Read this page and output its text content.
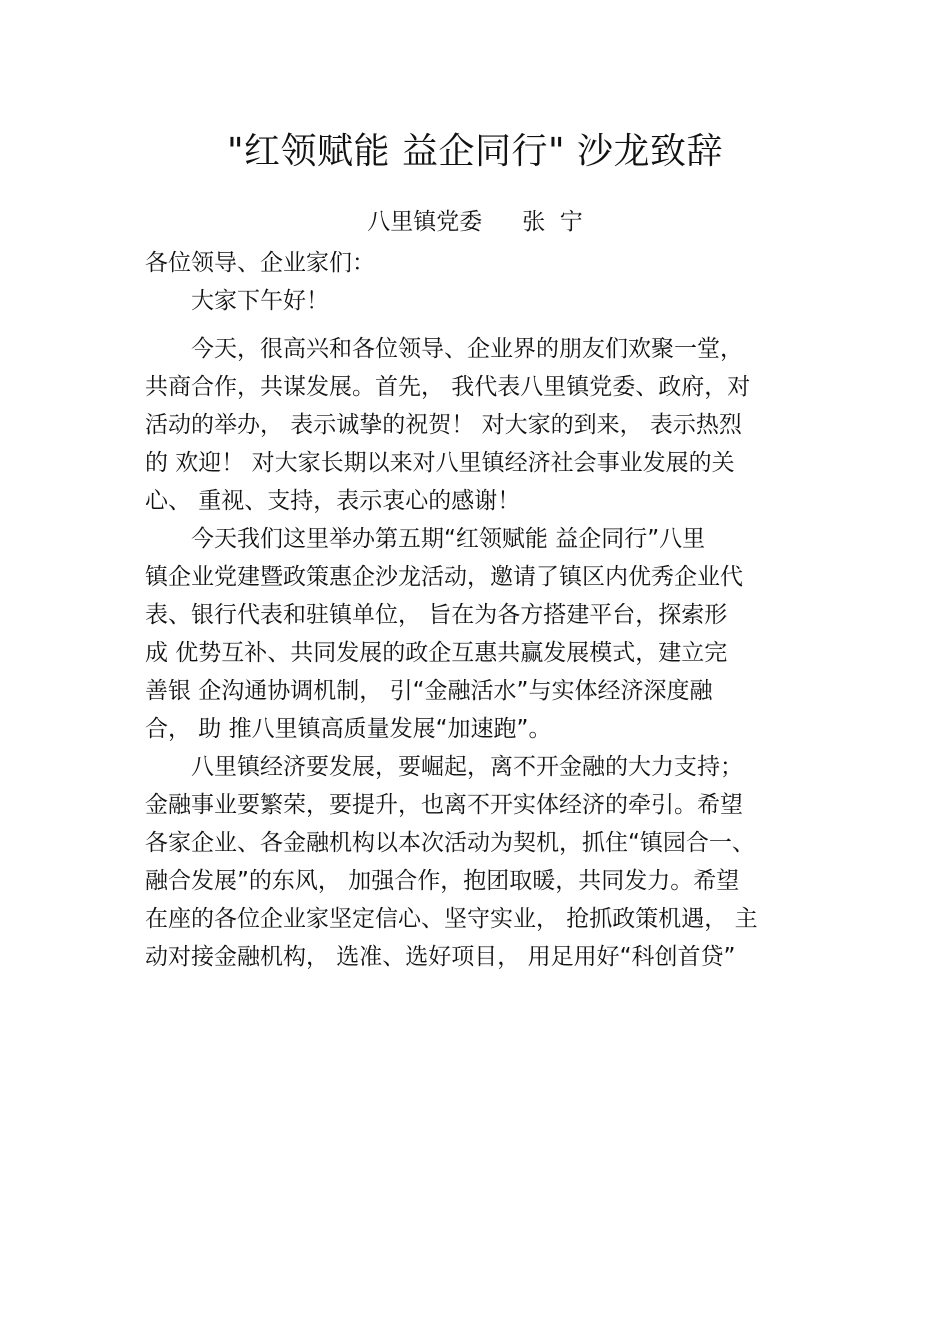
"红领赋能 益企同行" 沙龙致辞

八里镇党委 张  宁

各位领导、企业家们：

大家下午好！

今天，很高兴和各位领导、企业界的朋友们欢聚一堂，

共商合作，共谋发展。首先， 我代表八里镇党委、政府，对

活动的举办， 表示诚挚的祝贺！ 对大家的到来， 表示热烈

的 欢迎！ 对大家长期以来对八里镇经济社会事业发展的关

心、 重视、支持，表示衷心的感谢！

今天我们这里举办第五期“红领赋能 益企同行”八里

镇企业党建暨政策惠企沙龙活动，邀请了镇区内优秀企业代

表、银行代表和驻镇单位， 旨在为各方搭建平台，探索形

成 优势互补、共同发展的政企互惠共赢发展模式，建立完

善银 企沟通协调机制， 引“金融活水”与实体经济深度融

合， 助 推八里镇高质量发展“加速跑”。

八里镇经济要发展，要崛起，离不开金融的大力支持；

金融事业要繁荣，要提升，也离不开实体经济的牵引。希望

各家企业、各金融机构以本次活动为契机，抓住“镇园合一、

融合发展”的东风， 加强合作，抱团取暖，共同发力。希望

在座的各位企业家坚定信心、坚守实业， 抢抓政策机遇， 主

动对接金融机构， 选准、选好项目， 用足用好“科创首贷”
